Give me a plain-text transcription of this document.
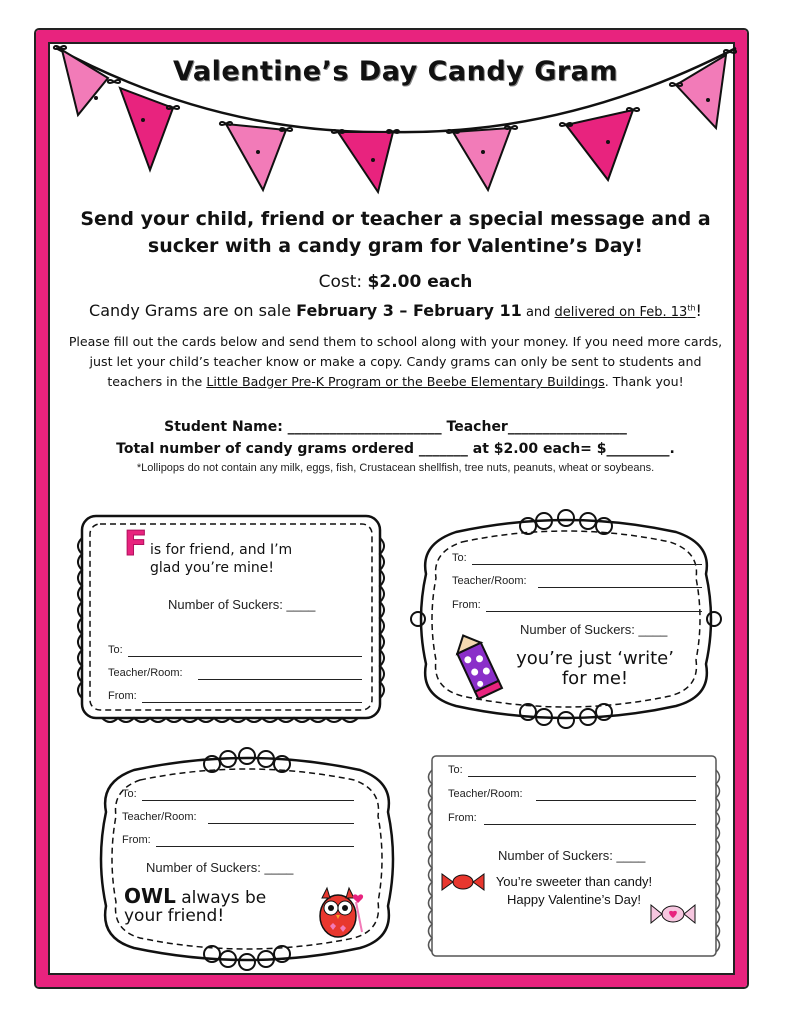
Valentine’s Day Candy Gram
Send your child, friend or teacher a special message and a
sucker with a candy gram for Valentine’s Day!
Cost: $2.00 each
Candy Grams are on sale February 3 – February 11 and delivered on Feb. 13th!
Please fill out the cards below and send them to school along with your money. If you need more cards, just let your child’s teacher know or make a copy. Candy grams can only be sent to students and teachers in the Little Badger Pre-K Program or the Beebe Elementary Buildings. Thank you!
Student Name: ______________________ Teacher_________________
Total number of candy grams ordered _______ at $2.00 each= $_________.
*Lollipops do not contain any milk, eggs, fish, Crustacean shellfish, tree nuts, peanuts, wheat or soybeans.
F is for friend, and I’m
glad you’re mine!
Number of Suckers: ____
To:
Teacher/Room:
From:
To:
Teacher/Room:
From:
Number of Suckers: ____
you’re just ‘write’
for me!
To:
Teacher/Room:
From:
Number of Suckers: ____
OWL always be
your friend!
To:
Teacher/Room:
From:
Number of Suckers: ____
You’re sweeter than candy!
Happy Valentine’s Day!
